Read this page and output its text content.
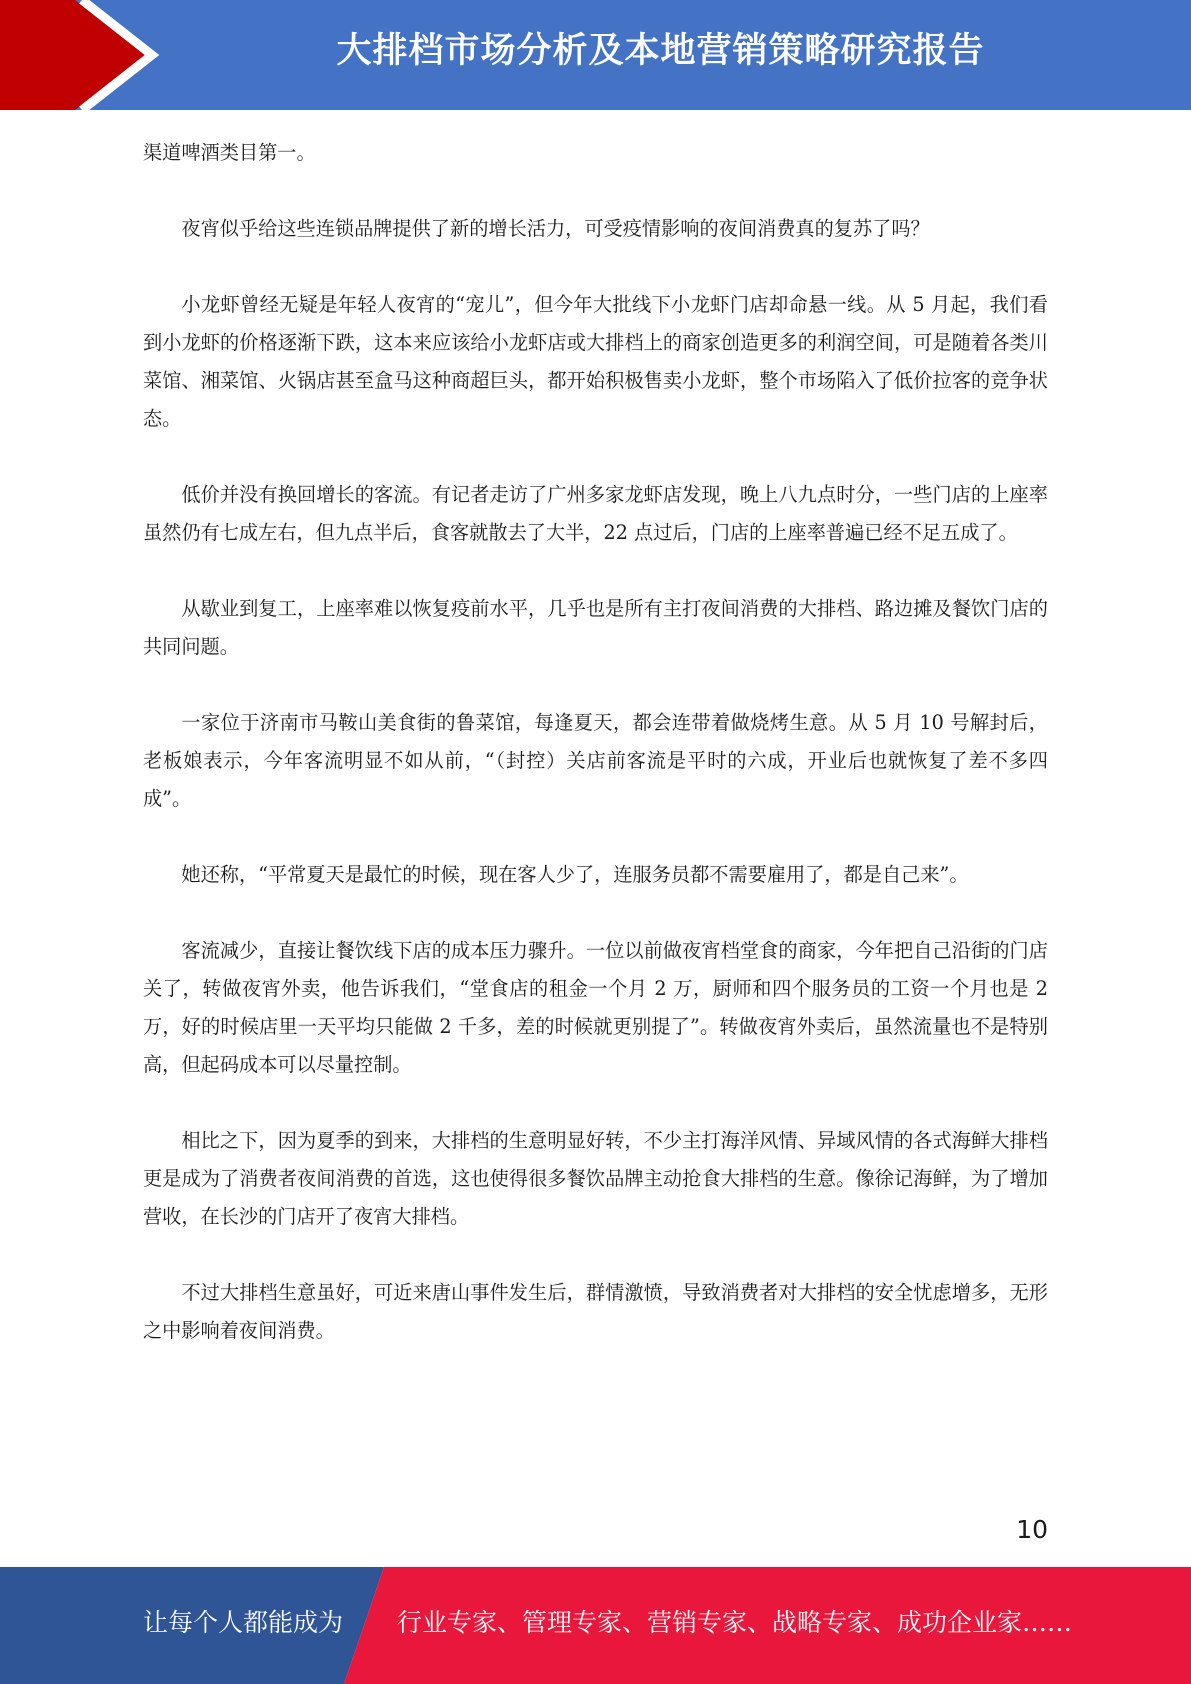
大排档市场分析及本地营销策略研究报告

渠道啤酒类目第一。

夜宵似乎给这些连锁品牌提供了新的增长活力，可受疫情影响的夜间消费真的复苏了吗？

小龙虾曾经无疑是年轻人夜宵的“宠儿”，但今年大批线下小龙虾门店却命悬一线。从 5 月起，我们看到小龙虾的价格逐渐下跌，这本来应该给小龙虾店或大排档上的商家创造更多的利润空间，可是随着各类川菜馆、湘菜馆、火锅店甚至盒马这种商超巨头，都开始积极售卖小龙虾，整个市场陷入了低价拉客的竞争状态。

低价并没有换回增长的客流。有记者走访了广州多家龙虾店发现，晚上八九点时分，一些门店的上座率虽然仍有七成左右，但九点半后，食客就散去了大半，22 点过后，门店的上座率普遍已经不足五成了。

从歇业到复工，上座率难以恢复疫前水平，几乎也是所有主打夜间消费的大排档、路边摊及餐饮门店的共同问题。

一家位于济南市马鞍山美食街的鲁菜馆，每逢夏天，都会连带着做烧烤生意。从 5 月 10 号解封后，老板娘表示，今年客流明显不如从前，“（封控）关店前客流是平时的六成，开业后也就恢复了差不多四成”。

她还称，“平常夏天是最忙的时候，现在客人少了，连服务员都不需要雇用了，都是自己来”。

客流减少，直接让餐饮线下店的成本压力骤升。一位以前做夜宵档堂食的商家，今年把自己沿街的门店关了，转做夜宵外卖，他告诉我们，“堂食店的租金一个月 2 万，厨师和四个服务员的工资一个月也是 2 万，好的时候店里一天平均只能做 2 千多，差的时候就更别提了”。转做夜宵外卖后，虽然流量也不是特别高，但起码成本可以尽量控制。

相比之下，因为夏季的到来，大排档的生意明显好转，不少主打海洋风情、异域风情的各式海鲜大排档更是成为了消费者夜间消费的首选，这也使得很多餐饮品牌主动抢食大排档的生意。像徐记海鲜，为了增加营收，在长沙的门店开了夜宵大排档。

不过大排档生意虽好，可近来唐山事件发生后，群情激愤，导致消费者对大排档的安全忧虑增多，无形之中影响着夜间消费。

10
让每个人都能成为 行业专家、管理专家、营销专家、战略专家、成功企业家……
